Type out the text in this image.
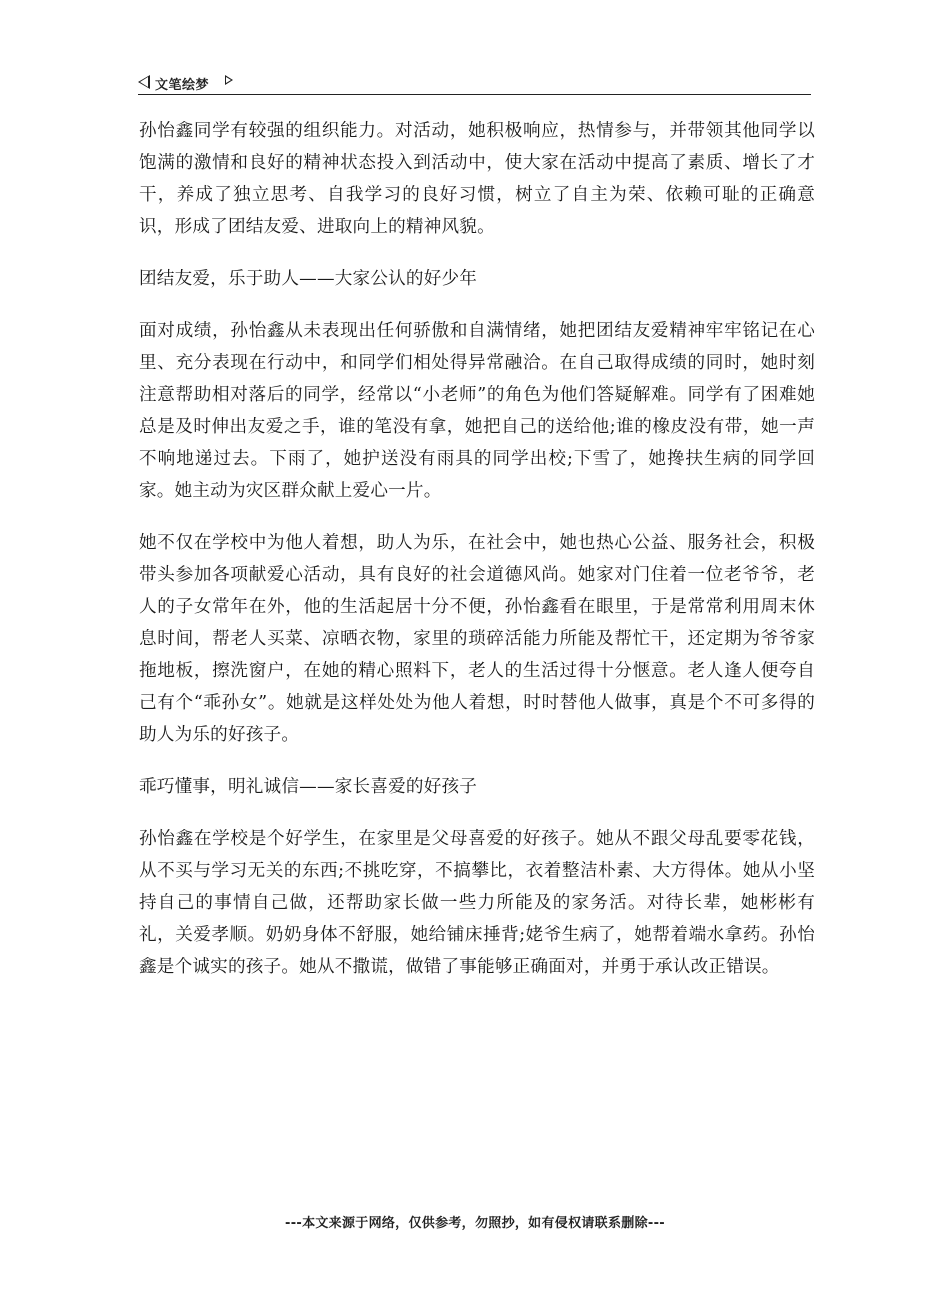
文笔绘梦

孙怡鑫同学有较强的组织能力。对活动，她积极响应，热情参与，并带领其他同学以饱满的激情和良好的精神状态投入到活动中，使大家在活动中提高了素质、增长了才干，养成了独立思考、自我学习的良好习惯，树立了自主为荣、依赖可耻的正确意识，形成了团结友爱、进取向上的精神风貌。

团结友爱，乐于助人——大家公认的好少年

面对成绩，孙怡鑫从未表现出任何骄傲和自满情绪，她把团结友爱精神牢牢铭记在心里、充分表现在行动中，和同学们相处得异常融洽。在自己取得成绩的同时，她时刻注意帮助相对落后的同学，经常以“小老师”的角色为他们答疑解难。同学有了困难她总是及时伸出友爱之手，谁的笔没有拿，她把自己的送给他;谁的橡皮没有带，她一声不响地递过去。下雨了，她护送没有雨具的同学出校;下雪了，她搀扶生病的同学回家。她主动为灾区群众献上爱心一片。

她不仅在学校中为他人着想，助人为乐，在社会中，她也热心公益、服务社会，积极带头参加各项献爱心活动，具有良好的社会道德风尚。她家对门住着一位老爷爷，老人的子女常年在外，他的生活起居十分不便，孙怡鑫看在眼里，于是常常利用周末休息时间，帮老人买菜、凉晒衣物，家里的琐碎活能力所能及帮忙干，还定期为爷爷家拖地板，擦洗窗户，在她的精心照料下，老人的生活过得十分惬意。老人逢人便夸自己有个“乖孙女”。她就是这样处处为他人着想，时时替他人做事，真是个不可多得的助人为乐的好孩子。

乖巧懂事，明礼诚信——家长喜爱的好孩子

孙怡鑫在学校是个好学生，在家里是父母喜爱的好孩子。她从不跟父母乱要零花钱，从不买与学习无关的东西;不挑吃穿，不搞攀比，衣着整洁朴素、大方得体。她从小坚持自己的事情自己做，还帮助家长做一些力所能及的家务活。对待长辈，她彬彬有礼，关爱孝顺。奶奶身体不舒服，她给铺床捶背;姥爷生病了，她帮着端水拿药。孙怡鑫是个诚实的孩子。她从不撒谎，做错了事能够正确面对，并勇于承认改正错误。

---本文来源于网络，仅供参考，勿照抄，如有侵权请联系删除---
